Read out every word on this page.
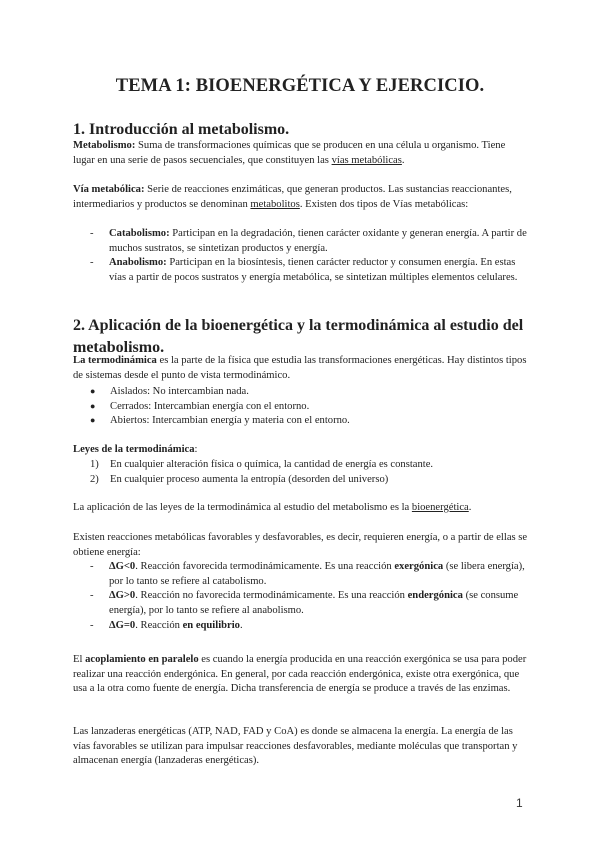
TEMA 1: BIOENERGÉTICA Y EJERCICIO.
1. Introducción al metabolismo.

Metabolismo: Suma de transformaciones químicas que se producen en una célula u organismo. Tiene lugar en una serie de pasos secuenciales, que constituyen las vías metabólicas.

Vía metabólica: Serie de reacciones enzimáticas, que generan productos. Las sustancias reaccionantes, intermediarios y productos se denominan metabolitos. Existen dos tipos de Vías metabólicas:

- Catabolismo: Participan en la degradación, tienen carácter oxidante y generan energía. A partir de muchos sustratos, se sintetizan productos y energía.
- Anabolismo: Participan en la biosíntesis, tienen carácter reductor y consumen energía. En estas vías a partir de pocos sustratos y energía metabólica, se sintetizan múltiples elementos celulares.
2. Aplicación de la bioenergética y la termodinámica al estudio del metabolismo.

La termodinámica es la parte de la física que estudia las transformaciones energéticas. Hay distintos tipos de sistemas desde el punto de vista termodinámico.

● Aislados: No intercambian nada.
● Cerrados: Intercambian energía con el entorno.
● Abiertos: Intercambian energía y materia con el entorno.

Leyes de la termodinámica:

1) En cualquier alteración física o química, la cantidad de energía es constante.
2) En cualquier proceso aumenta la entropía (desorden del universo)

La aplicación de las leyes de la termodinámica al estudio del metabolismo es la bioenergética.

Existen reacciones metabólicas favorables y desfavorables, es decir, requieren energía, o a partir de ellas se obtiene energía:

- ΔG<0. Reacción favorecida termodinámicamente. Es una reacción exergónica (se libera energía), por lo tanto se refiere al catabolismo.
- ΔG>0. Reacción no favorecida termodinámicamente. Es una reacción endergónica (se consume energía), por lo tanto se refiere al anabolismo.
- ΔG=0. Reacción en equilibrio.

El acoplamiento en paralelo es cuando la energía producida en una reacción exergónica se usa para poder realizar una reacción endergónica. En general, por cada reacción endergónica, existe otra exergónica, que usa a la otra como fuente de energía. Dicha transferencia de energía se produce a través de las enzimas.

Las lanzaderas energéticas (ATP, NAD, FAD y CoA) es donde se almacena la energía. La energía de las vías favorables se utilizan para impulsar reacciones desfavorables, mediante moléculas que transportan y almacenan energía (lanzaderas energéticas).

1
